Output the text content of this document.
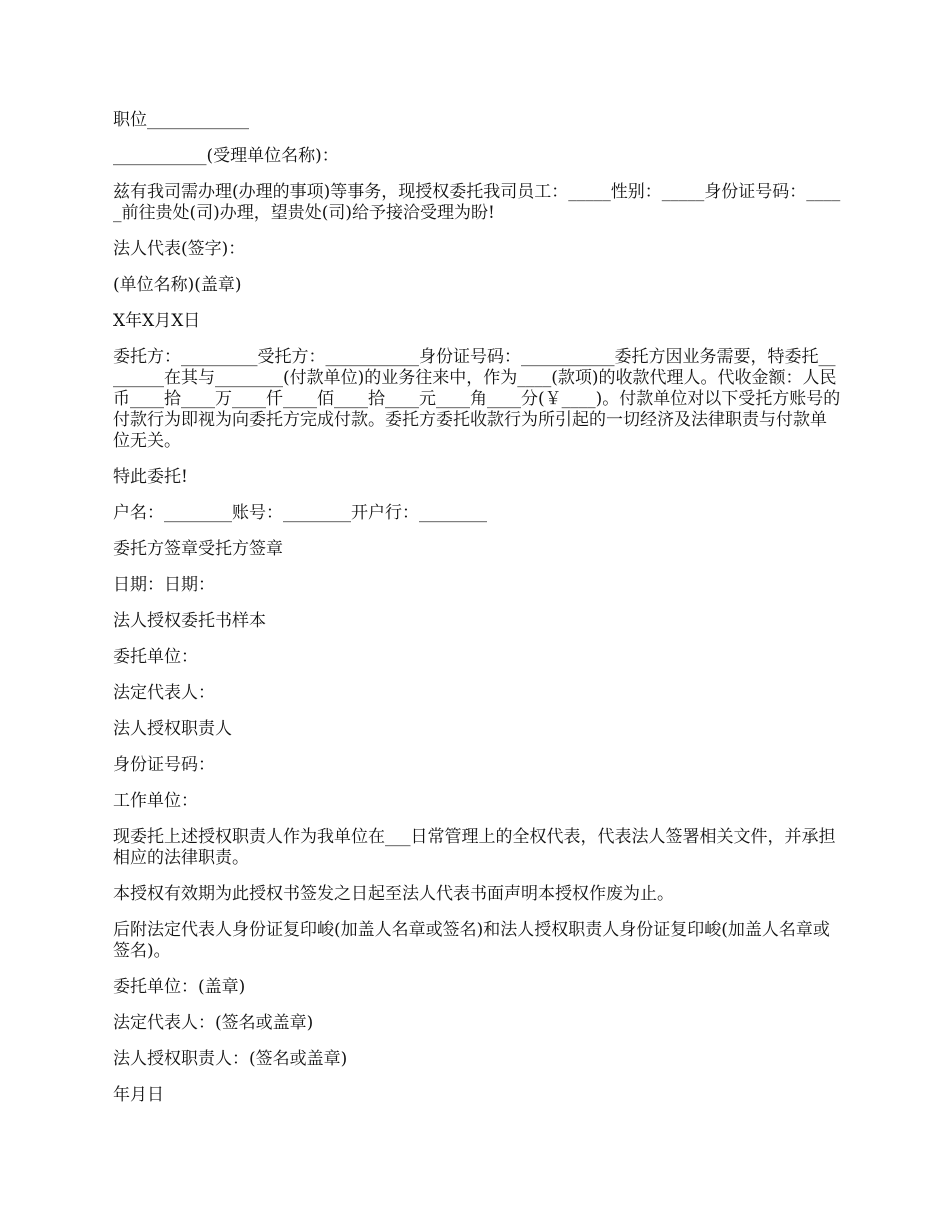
职位____________

___________(受理单位名称)：

兹有我司需办理(办理的事项)等事务，现授权委托我司员工：_____性别：_____身份证号码：_____前往贵处(司)办理，望贵处(司)给予接洽受理为盼!

法人代表(签字)：

(单位名称)(盖章)

X年X月X日

委托方：_________受托方：___________身份证号码：___________委托方因业务需要，特委托________在其与________(付款单位)的业务往来中，作为____(款项)的收款代理人。代收金额：人民币____拾____万____仟____佰____拾____元____角____分(￥____)。付款单位对以下受托方账号的付款行为即视为向委托方完成付款。委托方委托收款行为所引起的一切经济及法律职责与付款单位无关。

特此委托!

户名：________账号：________开户行：________

委托方签章受托方签章

日期：日期：

法人授权委托书样本

委托单位：

法定代表人：

法人授权职责人

身份证号码：

工作单位：

现委托上述授权职责人作为我单位在___日常管理上的全权代表，代表法人签署相关文件，并承担相应的法律职责。

本授权有效期为此授权书签发之日起至法人代表书面声明本授权作废为止。

后附法定代表人身份证复印峻(加盖人名章或签名)和法人授权职责人身份证复印峻(加盖人名章或签名)。

委托单位：(盖章)

法定代表人：(签名或盖章)

法人授权职责人：(签名或盖章)

年月日
